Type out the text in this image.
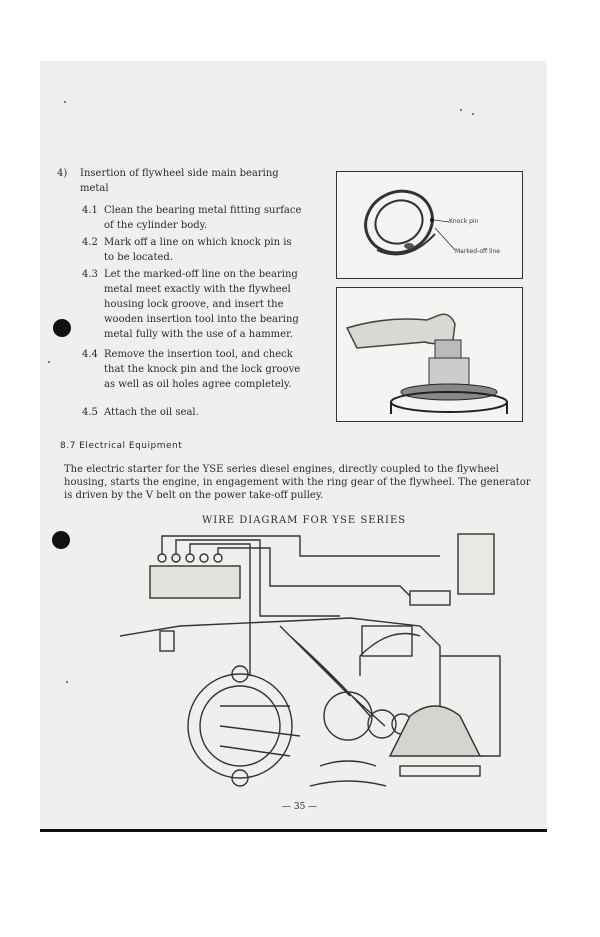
4) Insertion of flywheel side main bearing metal
4.1 Clean the bearing metal fitting surface of the cylinder body.
4.2 Mark off a line on which knock pin is to be located.
4.3 Let the marked-off line on the bearing metal meet exactly with the flywheel housing lock groove, and insert the wooden insertion tool into the bearing metal fully with the use of a hammer.
4.4 Remove the insertion tool, and check that the knock pin and the lock groove as well as oil holes agree completely.
4.5 Attach the oil seal.
Knock pin
Marked-off line
8.7 Electrical Equipment
The electric starter for the YSE series diesel engines, directly coupled to the flywheel housing, starts the engine, in engagement with the ring gear of the flywheel. The generator is driven by the V belt on the power take-off pulley.
WIRE DIAGRAM FOR YSE SERIES
— 35 —
